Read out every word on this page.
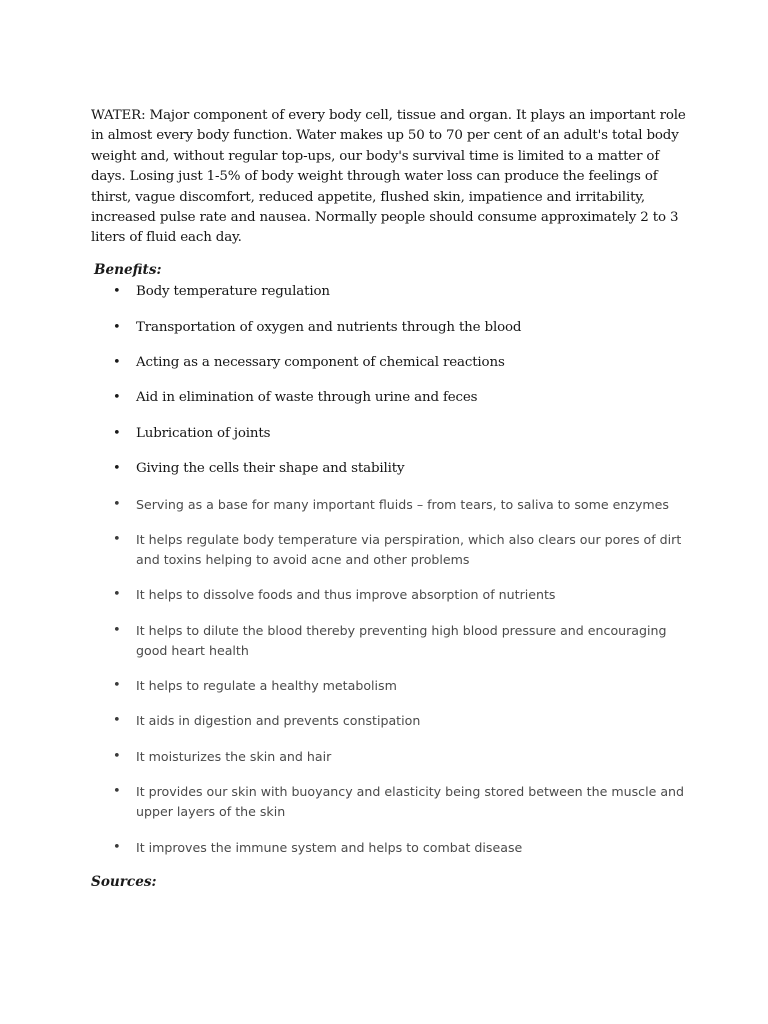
WATER: Major component of every body cell, tissue and organ. It plays an important role in almost every body function. Water makes up 50 to 70 per cent of an adult's total body weight and, without regular top-ups, our body's survival time is limited to a matter of days. Losing just 1-5% of body weight through water loss can produce the feelings of thirst, vague discomfort, reduced appetite, flushed skin, impatience and irritability, increased pulse rate and nausea. Normally people should consume approximately 2 to 3 liters of fluid each day.

Benefits:

• Body temperature regulation
• Transportation of oxygen and nutrients through the blood
• Acting as a necessary component of chemical reactions
• Aid in elimination of waste through urine and feces
• Lubrication of joints
• Giving the cells their shape and stability
• Serving as a base for many important fluids – from tears, to saliva to some enzymes
• It helps regulate body temperature via perspiration, which also clears our pores of dirt and toxins helping to avoid acne and other problems
• It helps to dissolve foods and thus improve absorption of nutrients
• It helps to dilute the blood thereby preventing high blood pressure and encouraging good heart health
• It helps to regulate a healthy metabolism
• It aids in digestion and prevents constipation
• It moisturizes the skin and hair
• It provides our skin with buoyancy and elasticity being stored between the muscle and upper layers of the skin
• It improves the immune system and helps to combat disease

Sources:
